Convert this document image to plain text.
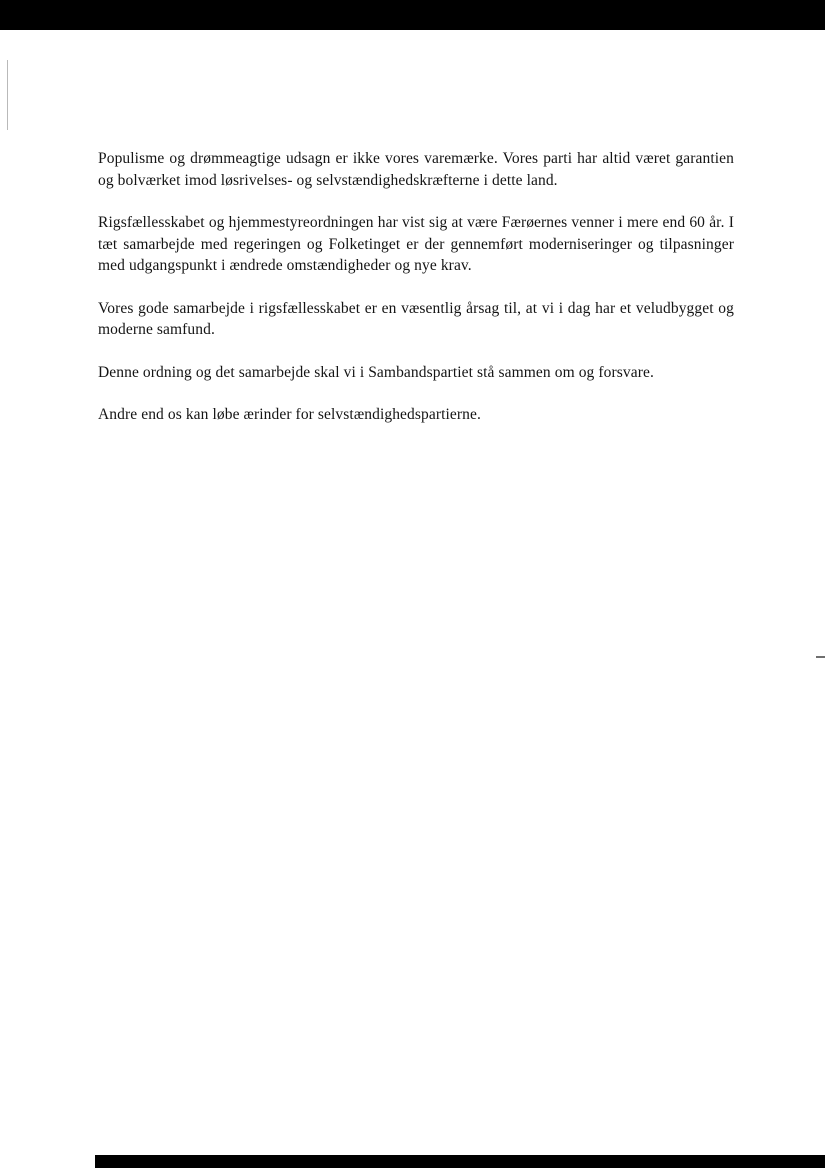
Populisme og drømmeagtige udsagn er ikke vores varemærke. Vores parti har altid været garantien og bolværket imod løsrivelses- og selvstændighedskræfterne i dette land.

Rigsfællesskabet og hjemmestyreordningen har vist sig at være Færøernes venner i mere end 60 år. I tæt samarbejde med regeringen og Folketinget er der gennemført moderniseringer og tilpasninger med udgangspunkt i ændrede omstændigheder og nye krav.

Vores gode samarbejde i rigsfællesskabet er en væsentlig årsag til, at vi i dag har et veludbygget og moderne samfund.

Denne ordning og det samarbejde skal vi i Sambandspartiet stå sammen om og forsvare.

Andre end os kan løbe ærinder for selvstændighedspartierne.
